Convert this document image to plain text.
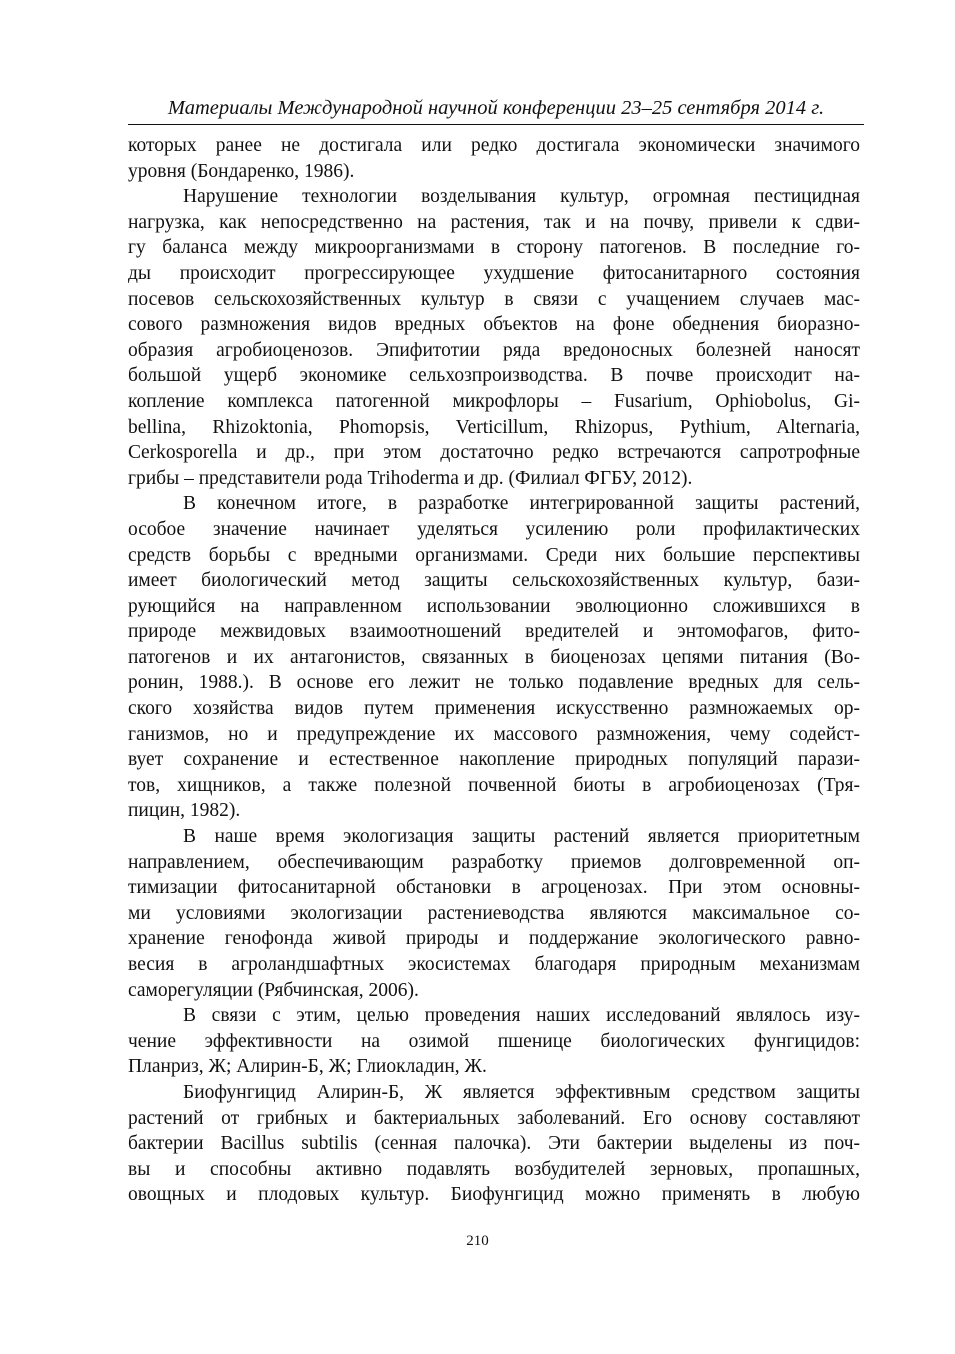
Материалы Международной научной конференции 23–25 сентября 2014 г.
которых ранее не достигала или редко достигала экономически значимого
уровня (Бондаренко, 1986).
Нарушение технологии возделывания культур, огромная пестицидная
нагрузка, как непосредственно на растения, так и на почву, привели к сдви-
гу баланса между микроорганизмами в сторону патогенов. В последние го-
ды происходит прогрессирующее ухудшение фитосанитарного состояния
посевов сельскохозяйственных культур в связи с учащением случаев мас-
сового размножения видов вредных объектов на фоне обеднения биоразно-
образия агробиоценозов. Эпифитотии ряда вредоносных болезней наносят
большой ущерб экономике сельхозпроизводства. В почве происходит на-
копление комплекса патогенной микрофлоры – Fusarium, Ophiobolus, Gi-
bellina, Rhizoktonia, Phomopsis, Verticillum, Rhizopus, Pythium, Alternaria,
Cerkosporella и др., при этом достаточно редко встречаются сапротрофные
грибы – представители рода Trihoderma и др. (Филиал ФГБУ, 2012).
В конечном итоге, в разработке интегрированной защиты растений,
особое значение начинает уделяться усилению роли профилактических
средств борьбы с вредными организмами. Среди них большие перспективы
имеет биологический метод защиты сельскохозяйственных культур, бази-
рующийся на направленном использовании эволюционно сложившихся в
природе межвидовых взаимоотношений вредителей и энтомофагов, фито-
патогенов и их антагонистов, связанных в биоценозах цепями питания (Во-
ронин, 1988.). В основе его лежит не только подавление вредных для сель-
ского хозяйства видов путем применения искусственно размножаемых ор-
ганизмов, но и предупреждение их массового размножения, чему содейст-
вует сохранение и естественное накопление природных популяций парази-
тов, хищников, а также полезной почвенной биоты в агробиоценозах (Тря-
пицин, 1982).
В наше время экологизация защиты растений является приоритетным
направлением, обеспечивающим разработку приемов долговременной оп-
тимизации фитосанитарной обстановки в агроценозах. При этом основны-
ми условиями экологизации растениеводства являются максимальное со-
хранение генофонда живой природы и поддержание экологического равно-
весия в агроландшафтных экосистемах благодаря природным механизмам
саморегуляции (Рябчинская, 2006).
В связи с этим, целью проведения наших исследований являлось изу-
чение эффективности на озимой пшенице биологических фунгицидов:
Планриз, Ж; Алирин-Б, Ж; Глиокладин, Ж.
Биофунгицид Алирин-Б, Ж является эффективным средством защиты
растений от грибных и бактериальных заболеваний. Его основу составляют
бактерии Bacillus subtilis (сенная палочка). Эти бактерии выделены из поч-
вы и способны активно подавлять возбудителей зерновых, пропашных,
овощных и плодовых культур. Биофунгицид можно применять в любую
210
